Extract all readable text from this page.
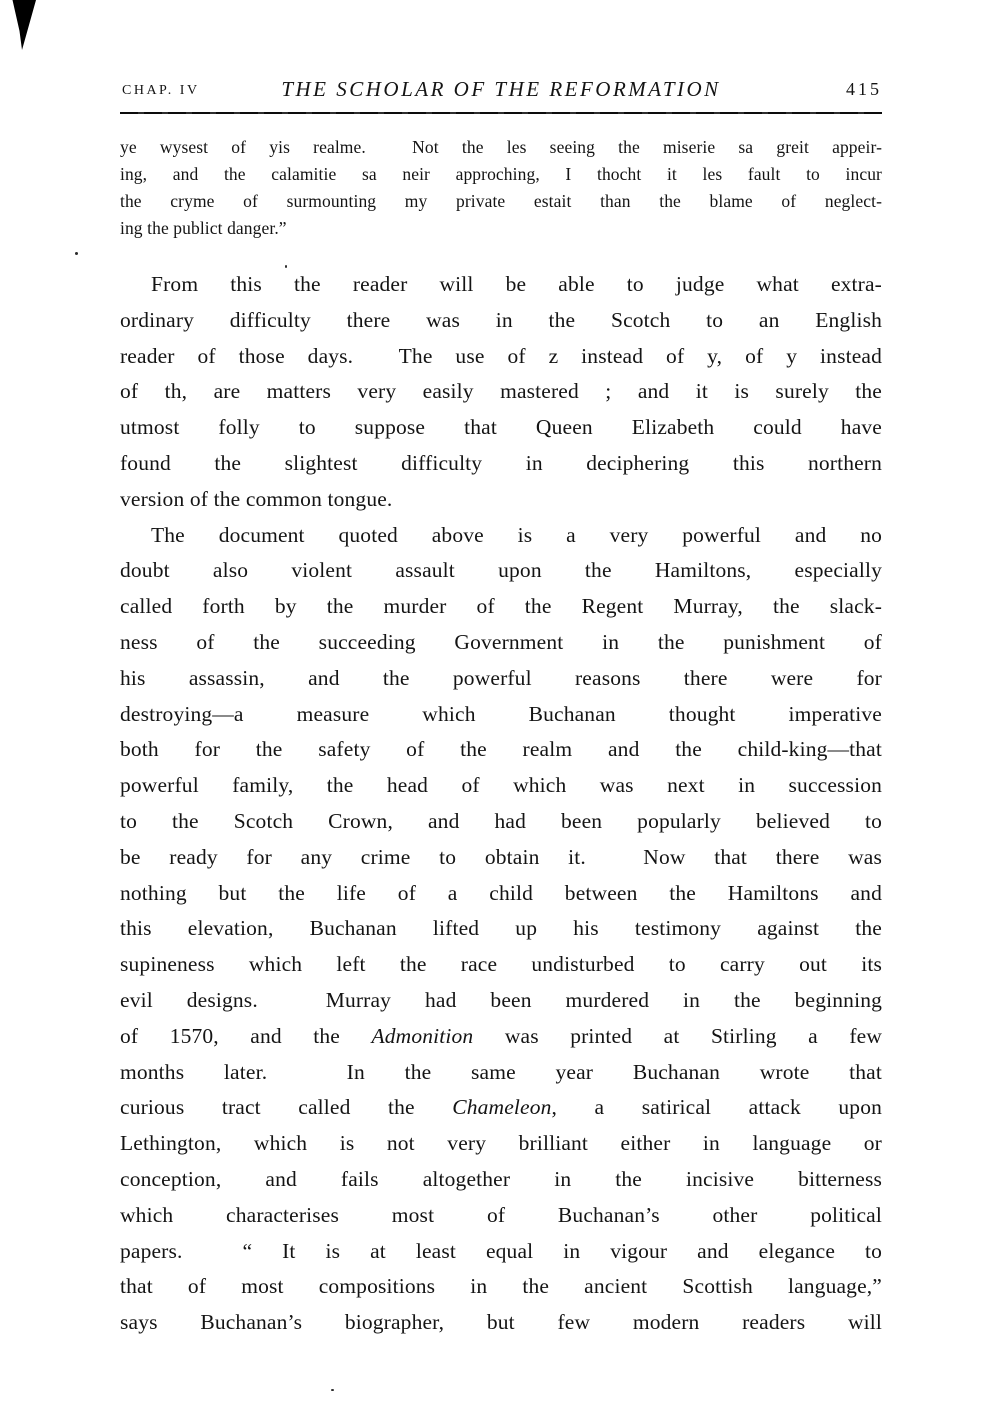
CHAP. IV	THE SCHOLAR OF THE REFORMATION	415
ye wysest of yis realme.  Not the les seeing the miserie sa greit appeir-
ing, and the calamitie sa neir approching, I thocht it les fault to incur
the cryme of surmounting my private estait than the blame of neglect-
ing the publict danger.”
From this the reader will be able to judge what extra-
ordinary difficulty there was in the Scotch to an English
reader of those days.  The use of z instead of y, of y instead
of th, are matters very easily mastered ; and it is surely the
utmost folly to suppose that Queen Elizabeth could have
found the slightest difficulty in deciphering this northern
version of the common tongue.
The document quoted above is a very powerful and no
doubt also violent assault upon the Hamiltons, especially
called forth by the murder of the Regent Murray, the slack-
ness of the succeeding Government in the punishment of
his assassin, and the powerful reasons there were for
destroying—a measure which Buchanan thought imperative
both for the safety of the realm and the child-king—that
powerful family, the head of which was next in succession
to the Scotch Crown, and had been popularly believed to
be ready for any crime to obtain it.  Now that there was
nothing but the life of a child between the Hamiltons and
this elevation, Buchanan lifted up his testimony against the
supineness which left the race undisturbed to carry out its
evil designs.  Murray had been murdered in the beginning
of 1570, and the Admonition was printed at Stirling a few
months later.  In the same year Buchanan wrote that
curious tract called the Chameleon, a satirical attack upon
Lethington, which is not very brilliant either in language or
conception, and fails altogether in the incisive bitterness
which characterises most of Buchanan’s other political
papers.  “ It is at least equal in vigour and elegance to
that of most compositions in the ancient Scottish language,”
says Buchanan’s biographer, but few modern readers will
